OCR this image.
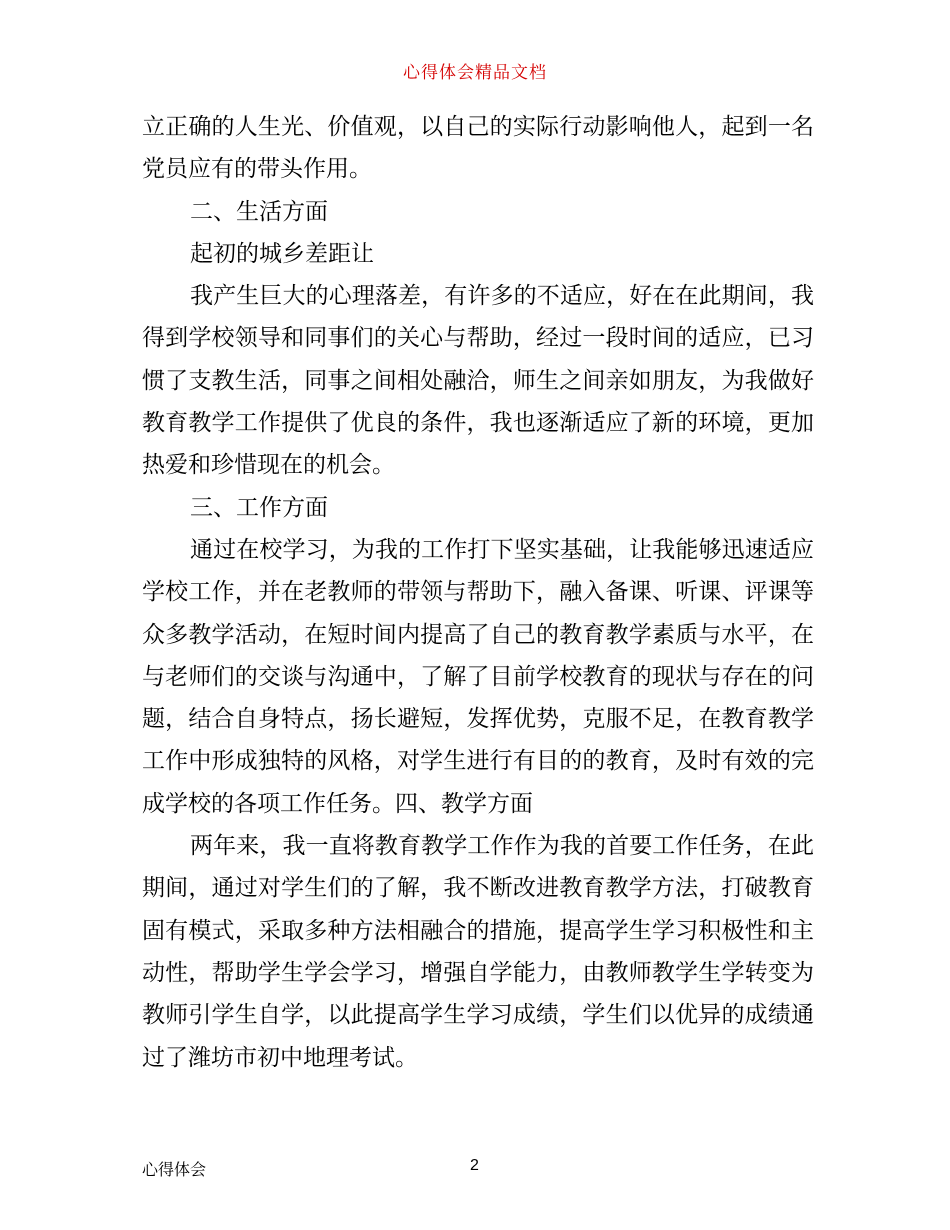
心得体会精品文档

立正确的人生光、价值观，以自己的实际行动影响他人，起到一名党员应有的带头作用。

二、生活方面

起初的城乡差距让

我产生巨大的心理落差，有许多的不适应，好在在此期间，我得到学校领导和同事们的关心与帮助，经过一段时间的适应，已习惯了支教生活，同事之间相处融洽，师生之间亲如朋友，为我做好教育教学工作提供了优良的条件，我也逐渐适应了新的环境，更加热爱和珍惜现在的机会。

三、工作方面

通过在校学习，为我的工作打下坚实基础，让我能够迅速适应学校工作，并在老教师的带领与帮助下，融入备课、听课、评课等众多教学活动，在短时间内提高了自己的教育教学素质与水平，在与老师们的交谈与沟通中，了解了目前学校教育的现状与存在的问题，结合自身特点，扬长避短，发挥优势，克服不足，在教育教学工作中形成独特的风格，对学生进行有目的的教育，及时有效的完成学校的各项工作任务。四、教学方面

两年来，我一直将教育教学工作作为我的首要工作任务，在此期间，通过对学生们的了解，我不断改进教育教学方法，打破教育固有模式，采取多种方法相融合的措施，提高学生学习积极性和主动性，帮助学生学会学习，增强自学能力，由教师教学生学转变为教师引学生自学，以此提高学生学习成绩，学生们以优异的成绩通过了潍坊市初中地理考试。

心得体会	2
